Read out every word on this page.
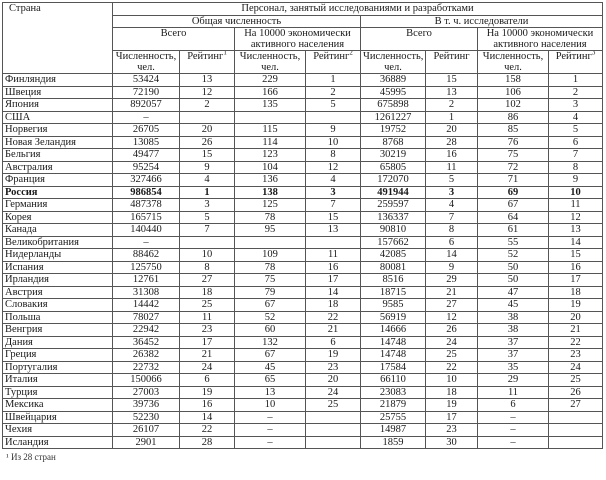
Страна	Персонал, занятый исследованиями и разработками							
	Общая численность				В т. ч. исследователи			
	Всего		На 10000 экономически активного населения		Всего		На 10000 экономически активного населения	
	Численность, чел.	Рейтинг$^1$	Численность, чел.	Рейтинг$^2$	Численность, чел.	Рейтинг	Численность, чел.	Рейтинг$^3$
Финляндия	53424	13	229	1	36889	15	158	1
Швеция	72190	12	166	2	45995	13	106	2
Япония	892057	2	135	5	675898	2	102	3
США	–				1261227	1	86	4
Норвегия	26705	20	115	9	19752	20	85	5
Новая Зеландия	13085	26	114	10	8768	28	76	6
Бельгия	49477	15	123	8	30219	16	75	7
Австралия	95254	9	104	12	65805	11	72	8
Франция	327466	4	136	4	172070	5	71	9
Россия	986854	1	138	3	491944	3	69	10
Германия	487378	3	125	7	259597	4	67	11
Корея	165715	5	78	15	136337	7	64	12
Канада	140440	7	95	13	90810	8	61	13
Великобритания	–				157662	6	55	14
Нидерланды	88462	10	109	11	42085	14	52	15
Испания	125750	8	78	16	80081	9	50	16
Ирландия	12761	27	75	17	8516	29	50	17
Австрия	31308	18	79	14	18715	21	47	18
Словакия	14442	25	67	18	9585	27	45	19
Польша	78027	11	52	22	56919	12	38	20
Венгрия	22942	23	60	21	14666	26	38	21
Дания	36452	17	132	6	14748	24	37	22
Греция	26382	21	67	19	14748	25	37	23
Португалия	22732	24	45	23	17584	22	35	24
Италия	150066	6	65	20	66110	10	29	25
Турция	27003	19	13	24	23083	18	11	26
Мексика	39736	16	10	25	21879	19	6	27
Швейцария	52230	14	–		25755	17	–	
Чехия	26107	22	–		14987	23	–	
Исландия	2901	28	–		1859	30	–	
¹ Из 28 стран
